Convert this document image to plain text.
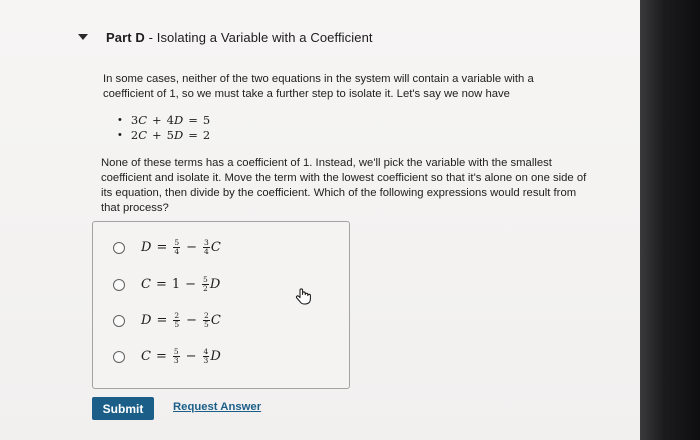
Part D - Isolating a Variable with a Coefficient

In some cases, neither of the two equations in the system will contain a variable with a coefficient of 1, so we must take a further step to isolate it. Let's say we now have

• 3 C + 4 D = 5
• 2 C + 5 D = 2

None of these terms has a coefficient of 1. Instead, we'll pick the variable with the smallest coefficient and isolate it. Move the term with the lowest coefficient so that it's alone on one side of its equation, then divide by the coefficient. Which of the following expressions would result from that process?

$D = \frac{5}{4} - \frac{3}{4}$ C
$C = 1 - \frac{5}{2}$ D
$D = \frac{2}{5} - \frac{2}{5}$ C
$C = \frac{5}{3} - \frac{4}{3}$ D
Submit	Request Answer
